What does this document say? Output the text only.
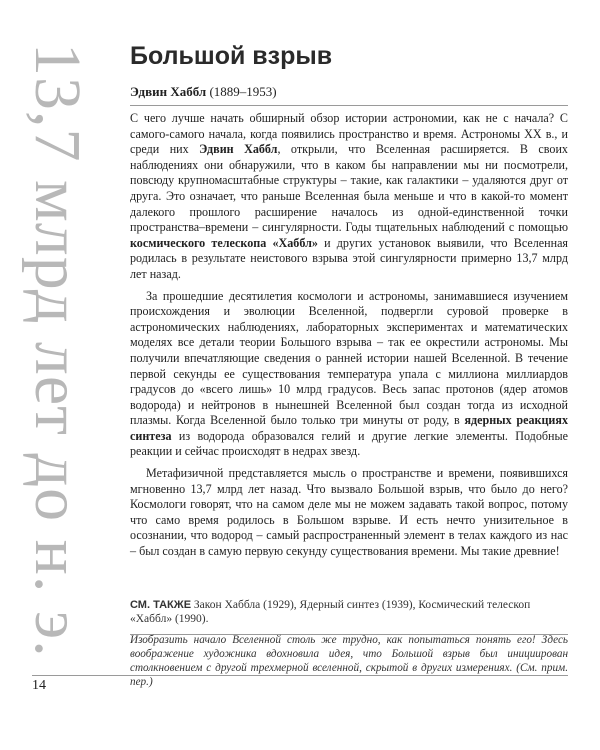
13,7 млрд лет до н. э. Большой взрыв
Эдвин Хаббл (1889–1953)

С чего лучше начать обширный обзор истории астрономии, как не с начала? С самого-самого начала, когда появились пространство и время. Астрономы XX в., и среди них Эдвин Хаббл, открыли, что Вселенная расширяется. В своих наблюдениях они обнаружили, что в каком бы направлении мы ни посмотрели, повсюду крупномасштабные структуры – такие, как галактики – удаляются друг от друга. Это означает, что раньше Вселенная была меньше и что в какой-то момент далекого прошлого расширение началось из одной-единственной точки пространства–времени – сингулярности. Годы тщательных наблюдений с помощью космического телескопа «Хаббл» и других установок выявили, что Вселенная родилась в результате неистового взрыва этой сингулярности примерно 13,7 млрд лет назад.

За прошедшие десятилетия космологи и астрономы, занимавшиеся изучением происхождения и эволюции Вселенной, подвергли суровой проверке в астрономических наблюдениях, лабораторных экспериментах и математических моделях все детали теории Большого взрыва – так ее окрестили астрономы. Мы получили впечатляющие сведения о ранней истории нашей Вселенной. В течение первой секунды ее существования температура упала с миллиона миллиардов градусов до «всего лишь» 10 млрд градусов. Весь запас протонов (ядер атомов водорода) и нейтронов в нынешней Вселенной был создан тогда из исходной плазмы. Когда Вселенной было только три минуты от роду, в ядерных реакциях синтеза из водорода образовался гелий и другие легкие элементы. Подобные реакции и сейчас происходят в недрах звезд.

Метафизичной представляется мысль о пространстве и времени, появившихся мгновенно 13,7 млрд лет назад. Что вызвало Большой взрыв, что было до него? Космологи говорят, что на самом деле мы не можем задавать такой вопрос, потому что само время родилось в Большом взрыве. И есть нечто унизительное в осознании, что водород – самый распространенный элемент в телах каждого из нас – был создан в самую первую секунду существования времени. Мы такие древние!

СМ. ТАКЖЕ Закон Хаббла (1929), Ядерный синтез (1939), Космический телескоп «Хаббл» (1990).
Изобразить начало Вселенной столь же трудно, как попытаться понять его! Здесь воображение художника вдохновила идея, что Большой взрыв был инициирован столкновением с другой трехмерной вселенной, скрытой в других измерениях. (См. прим. пер.)
14
